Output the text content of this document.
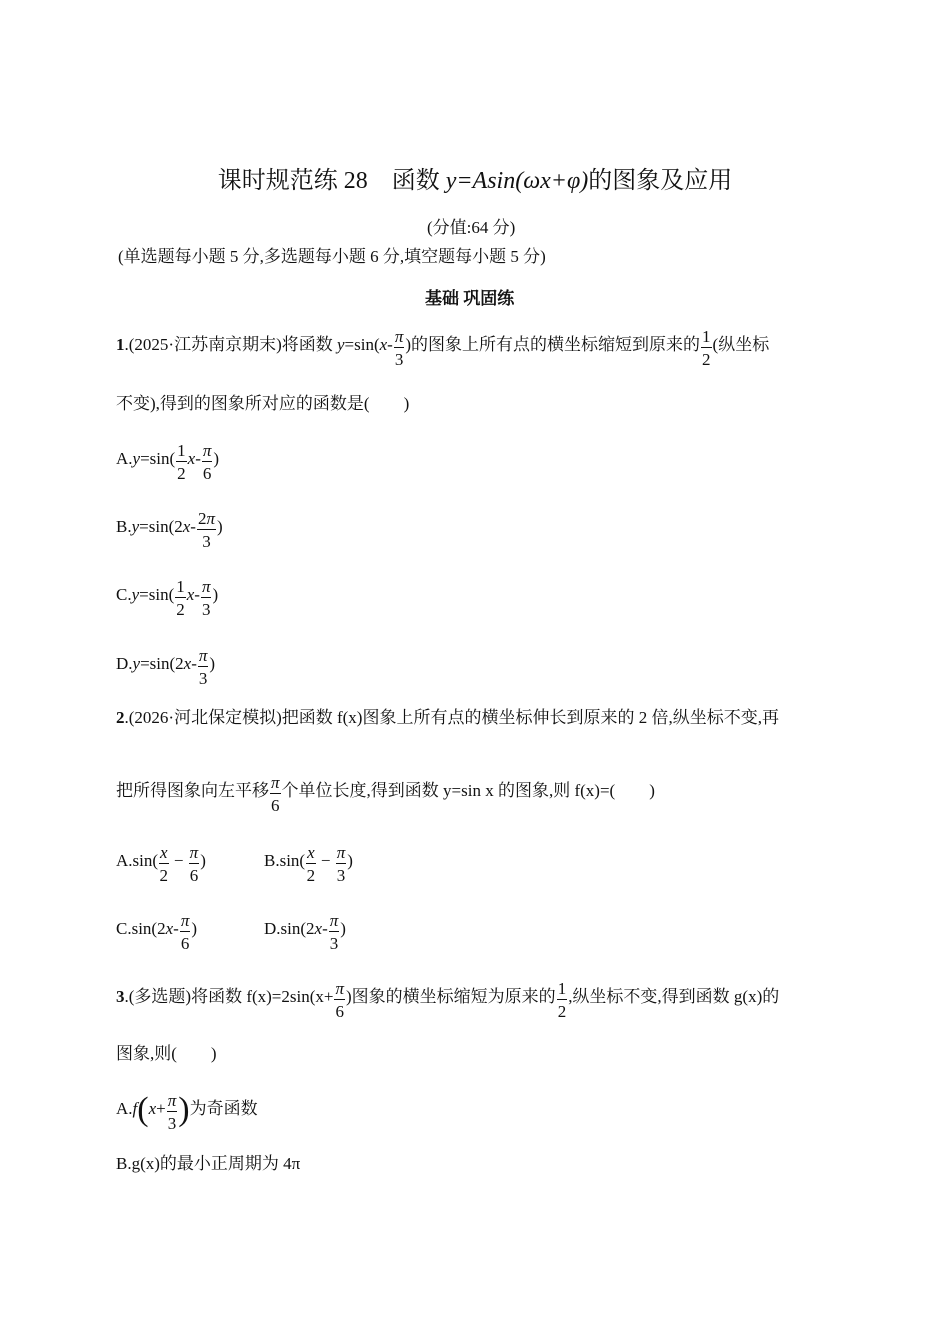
课时规范练 28　函数 y=Asin(ωx+φ)的图象及应用
(分值:64 分)
(单选题每小题 5 分,多选题每小题 6 分,填空题每小题 5 分)
基础 巩固练
1.(2025·江苏南京期末)将函数 $y=\sin(x- \frac{\pi}{3}$ )的图象上所有点的横坐标缩短到原来的 $\frac{1}{2}$ (纵坐标
不变),得到的图象所对应的函数是(　　)
$A.y=\sin( \frac{1}{2} x- \frac{\pi}{6}$ )
$B.y=\sin(2x- \frac{2\pi}{3}$ )
$C.y=\sin( \frac{1}{2} x- \frac{\pi}{3}$ )
$D.y=\sin(2x- \frac{\pi}{3}$ )
2.(2026·河北保定模拟)把函数 f(x)图象上所有点的横坐标伸长到原来的 2 倍,纵坐标不变,再
把所得图象向左平移 $\frac{\pi}{6}$ 个单位长度,得到函数 y=sin x 的图象,则 f(x)=(　　)
$A.\sin( \frac{x}{2} - \frac{\pi}{6}$ )	$B.\sin( \frac{x}{2} - \frac{\pi}{3}$ )
$C.\sin(2x- \frac{\pi}{6}$ )	$D.\sin(2x- \frac{\pi}{3}$ )
3.(多选题)将函数 $f(x)=2\sin(x+ \frac{\pi}{6}$ )图象的横坐标缩短为原来的 $\frac{1}{2}$ ,纵坐标不变,得到函数 g(x)的
图象,则(　　)
$A.f(x+ \frac{\pi}{3}$ )为奇函数
B.g(x)的最小正周期为 4π
